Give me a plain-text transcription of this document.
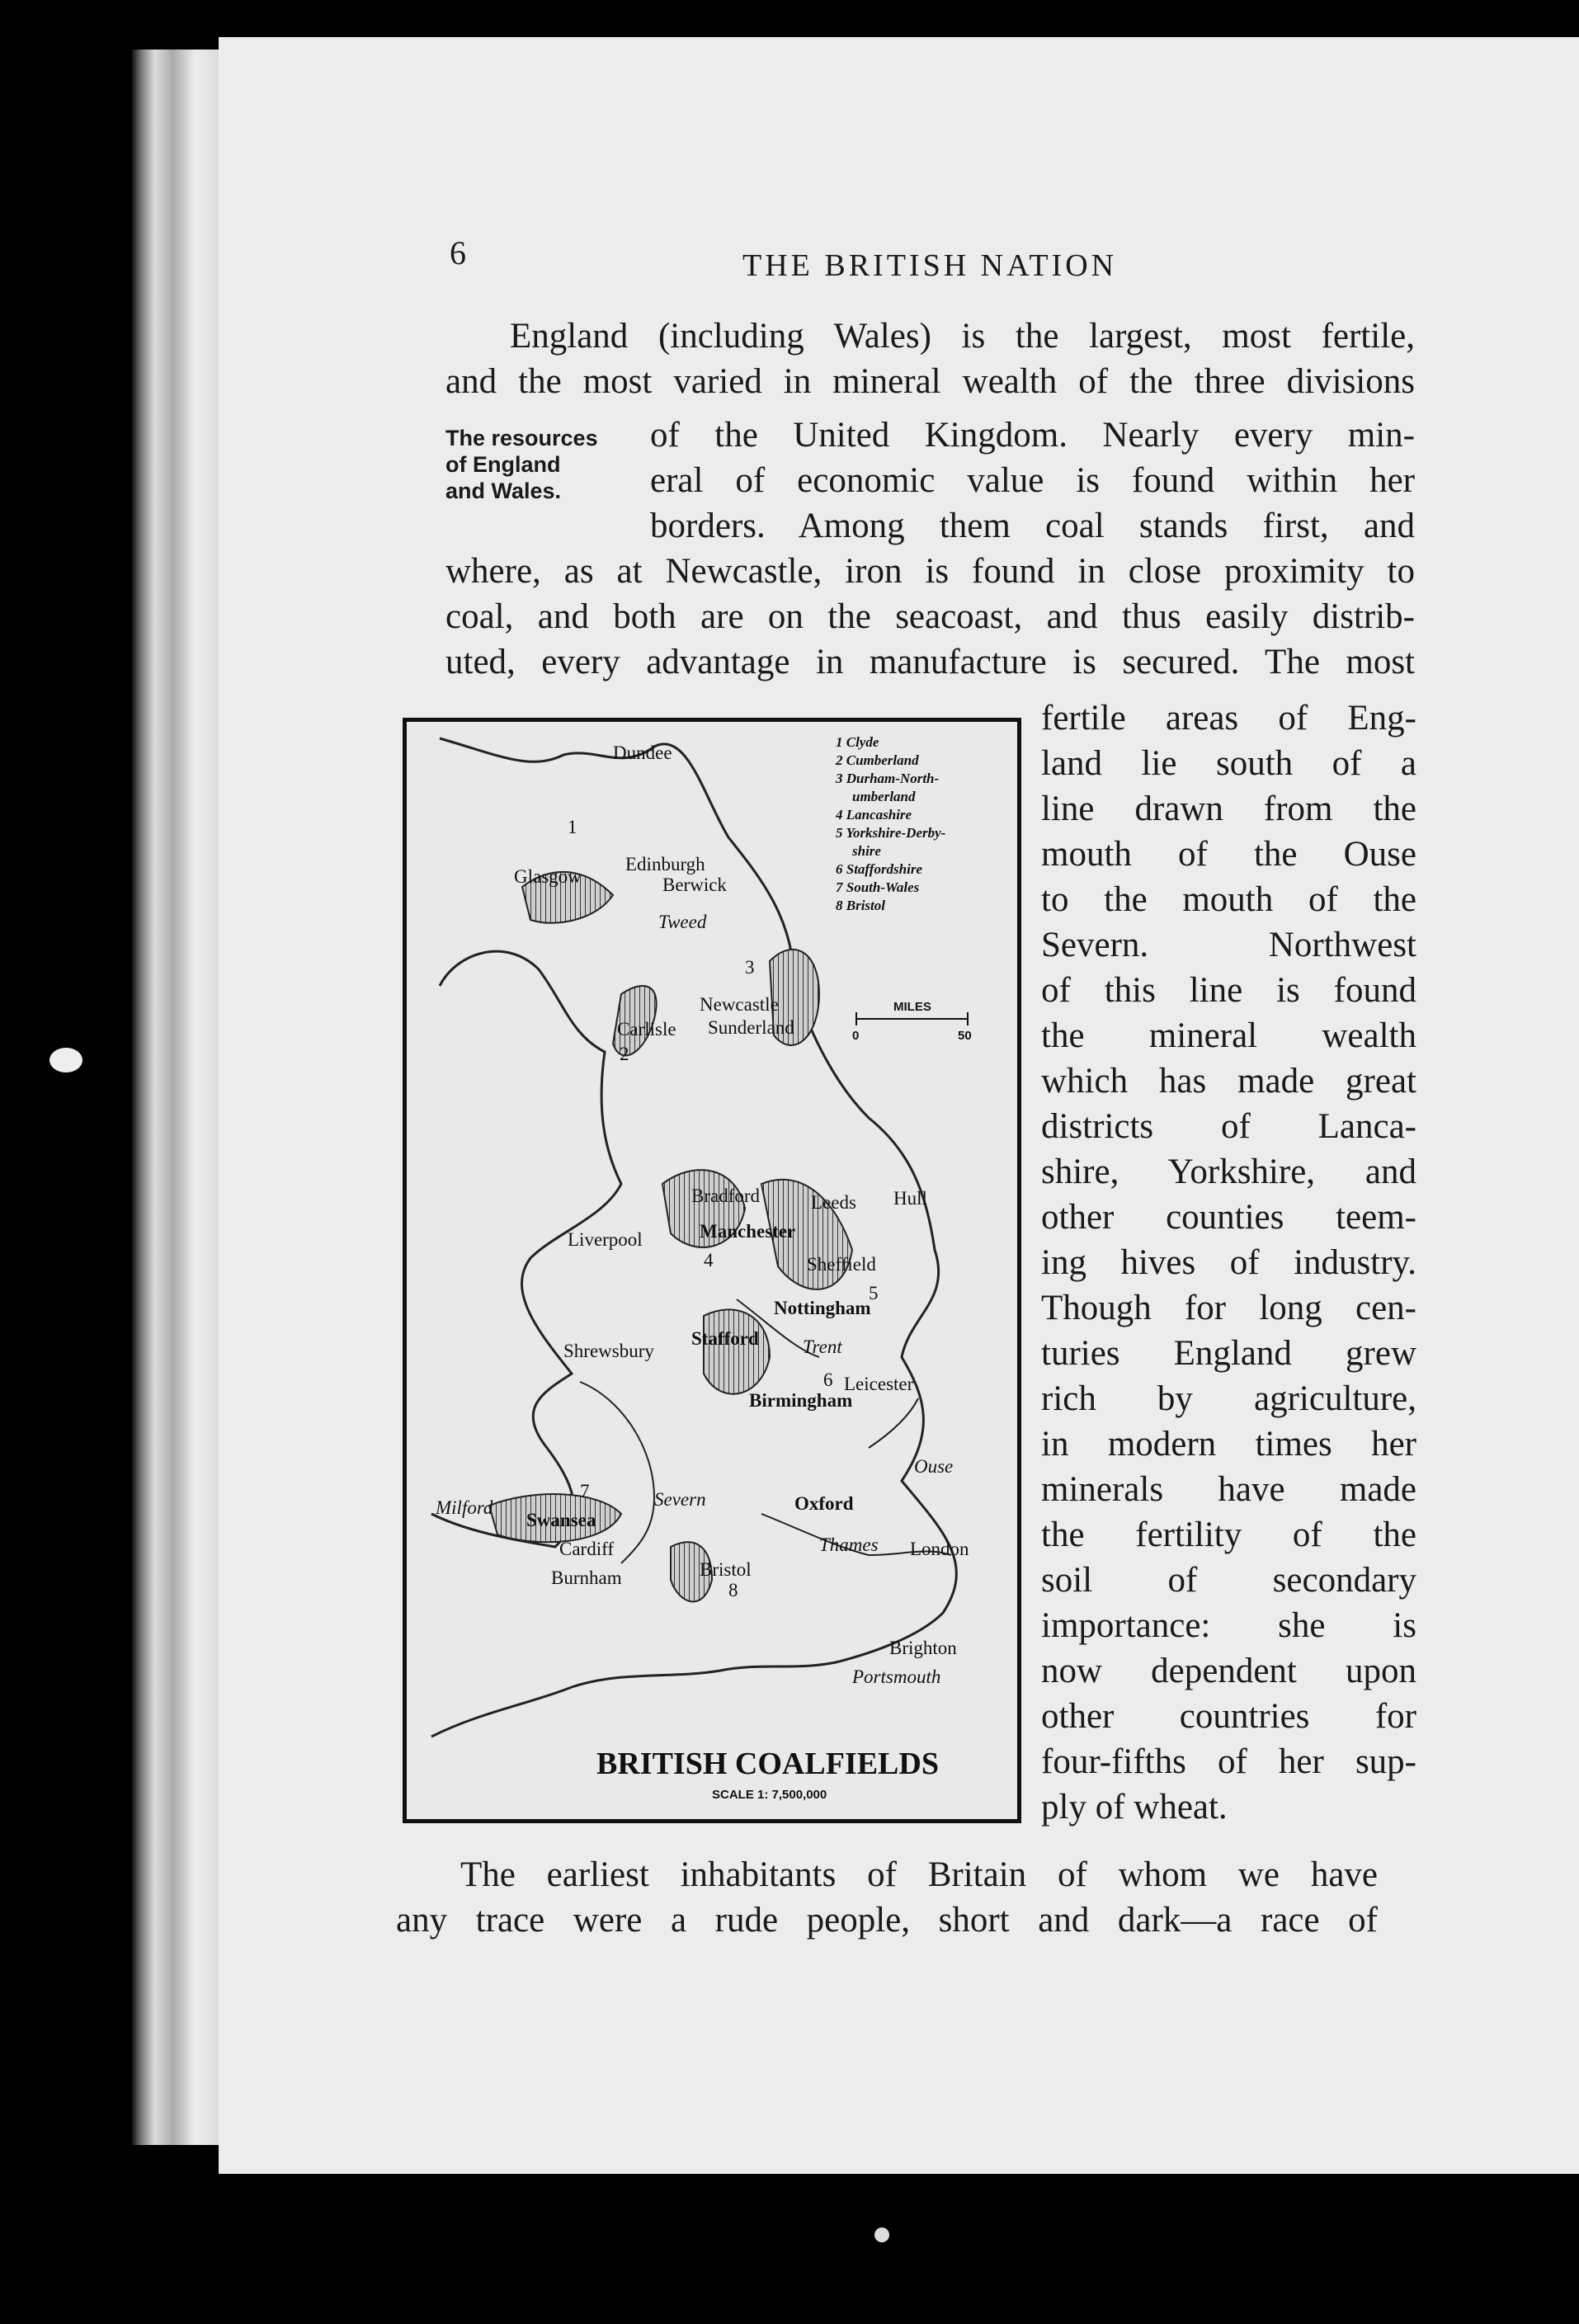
6	THE BRITISH NATION
England (including Wales) is the largest, most fertile,
and the most varied in mineral wealth of the three divisions
The resources
of England
and Wales.
of the United Kingdom. Nearly every min-
eral of economic value is found within her
borders. Among them coal stands first, and
where, as at Newcastle, iron is found in close proximity to
coal, and both are on the seacoast, and thus easily distrib-
uted, every advantage in manufacture is secured. The most
fertile areas of Eng-
land lie south of a
line drawn from the
mouth of the Ouse
to the mouth of the
Severn. Northwest
of this line is found
the mineral wealth
which has made great
districts of Lanca-
shire, Yorkshire, and
other counties teem-
ing hives of industry.
Though for long cen-
turies England grew
rich by agriculture,
in modern times her
minerals have made
the fertility of the
soil of secondary
importance: she is
now dependent upon
other countries for
four-fifths of her sup-
ply of wheat.
1 Clyde
2 Cumberland
3 Durham-North-
umberland
4 Lancashire
5 Yorkshire-Derby-
shire
6 Staffordshire
7 South-Wales
8 Bristol
MILES
0	50
Dundee
Edinburgh
Glasgow	Berwick
Tweed
Newcastle
Sunderland
Carlisle
Bradford	Leeds Hull
Liverpool	Manchester
Sheffield
Nottingham
Shrewsbury
Stafford Trent
Leicester
Birmingham
Ouse
Severn	Oxford
Milford
Swansea
Cardiff
Bristol
Burnham
London
Thames
Brighton
Portsmouth
1
2
3
4
5
6
7
8
BRITISH COALFIELDS
SCALE 1: 7,500,000
The earliest inhabitants of Britain of whom we have
any trace were a rude people, short and dark—a race of
